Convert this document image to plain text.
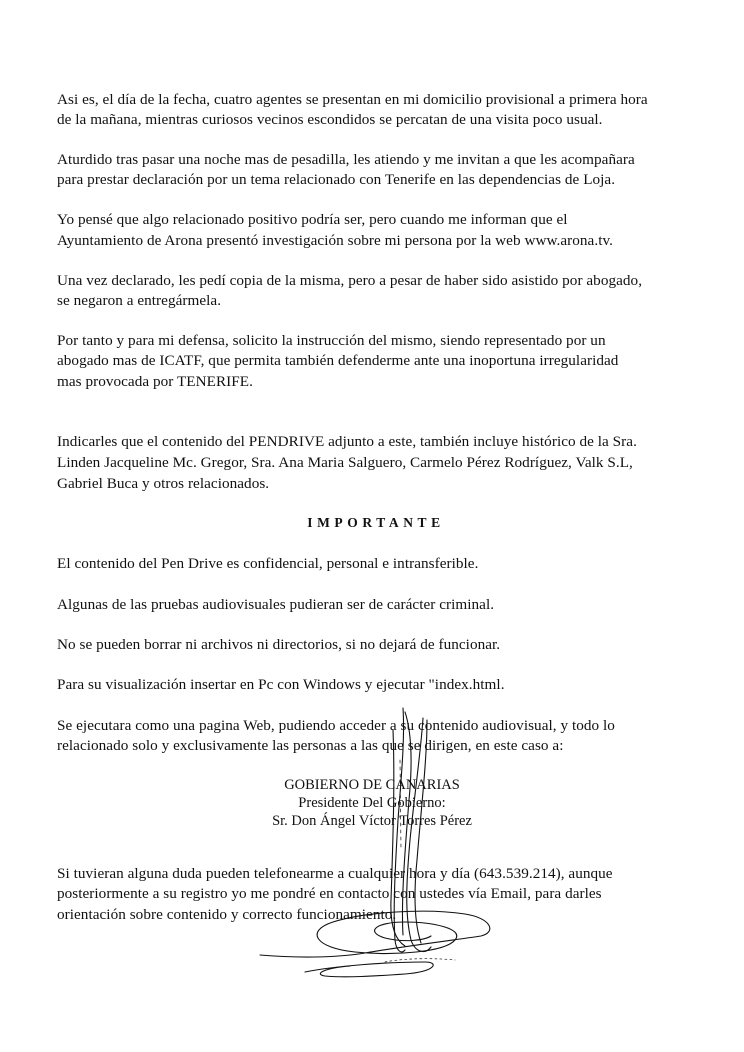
Asi es, el día de la fecha, cuatro agentes se presentan en mi domicilio provisional a primera hora
de la mañana, mientras curiosos vecinos escondidos se percatan de una visita poco usual.
Aturdido tras pasar una noche mas de pesadilla, les atiendo y me invitan a que les acompañara
para prestar declaración por un tema relacionado con Tenerife en las dependencias de Loja.
Yo pensé que algo relacionado positivo podría ser, pero cuando me informan que el
Ayuntamiento de Arona presentó investigación sobre mi persona por la web www.arona.tv.
Una vez declarado, les pedí copia de la misma, pero a pesar de haber sido asistido por abogado,
se negaron a entregármela.
Por tanto y para mi defensa, solicito la instrucción del mismo, siendo representado por un
abogado mas de ICATF, que permita también defenderme ante una inoportuna irregularidad
mas provocada por TENERIFE.
Indicarles que el contenido del PENDRIVE adjunto a este, también incluye histórico de la Sra.
Linden Jacqueline Mc. Gregor, Sra. Ana Maria Salguero, Carmelo Pérez Rodríguez, Valk S.L,
Gabriel Buca y otros relacionados.
IMPORTANTE
El contenido del Pen Drive es confidencial, personal e intransferible.
Algunas de las pruebas audiovisuales pudieran ser de carácter criminal.
No se pueden borrar ni archivos ni directorios, si no dejará de funcionar.
Para su visualización insertar en Pc con Windows y ejecutar "index.html.
Se ejecutara como una pagina Web, pudiendo acceder a su contenido audiovisual, y todo lo
relacionado solo y exclusivamente las personas a las que se dirigen, en este caso a:
GOBIERNO DE CANARIAS
Presidente Del Gobierno:
Sr. Don Ángel Víctor Torres Pérez
Si tuvieran alguna duda pueden telefonearme a cualquier hora y día (643.539.214), aunque
posteriormente a su registro yo me pondré en contacto con ustedes vía Email, para darles
orientación sobre contenido y correcto funcionamiento.
